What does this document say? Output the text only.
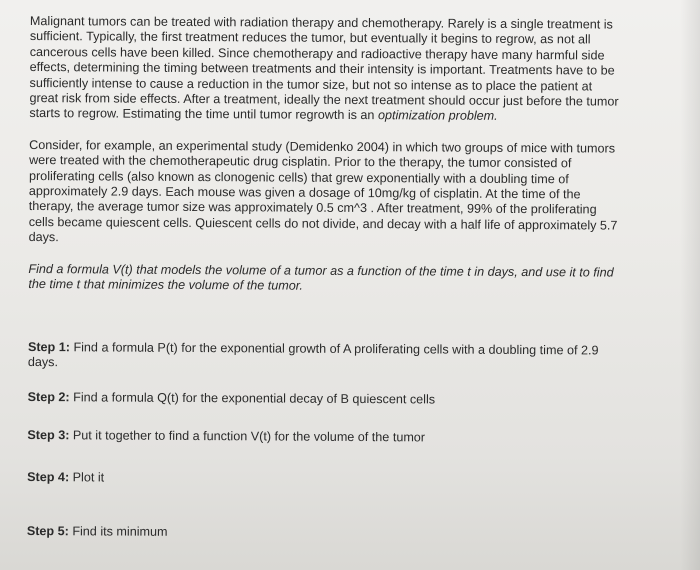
Malignant tumors can be treated with radiation therapy and chemotherapy. Rarely is a single treatment is sufficient. Typically, the first treatment reduces the tumor, but eventually it begins to regrow, as not all cancerous cells have been killed. Since chemotherapy and radioactive therapy have many harmful side effects, determining the timing between treatments and their intensity is important. Treatments have to be sufficiently intense to cause a reduction in the tumor size, but not so intense as to place the patient at great risk from side effects. After a treatment, ideally the next treatment should occur just before the tumor starts to regrow. Estimating the time until tumor regrowth is an optimization problem.

Consider, for example, an experimental study (Demidenko 2004) in which two groups of mice with tumors were treated with the chemotherapeutic drug cisplatin. Prior to the therapy, the tumor consisted of proliferating cells (also known as clonogenic cells) that grew exponentially with a doubling time of approximately 2.9 days. Each mouse was given a dosage of 10mg/kg of cisplatin. At the time of the therapy, the average tumor size was approximately 0.5 cm^3 . After treatment, 99% of the proliferating cells became quiescent cells. Quiescent cells do not divide, and decay with a half life of approximately 5.7 days.

Find a formula V(t) that models the volume of a tumor as a function of the time t in days, and use it to find the time t that minimizes the volume of the tumor.

Step 1: Find a formula P(t) for the exponential growth of A proliferating cells with a doubling time of 2.9 days.

Step 2: Find a formula Q(t) for the exponential decay of B quiescent cells

Step 3: Put it together to find a function V(t) for the volume of the tumor

Step 4: Plot it

Step 5: Find its minimum
